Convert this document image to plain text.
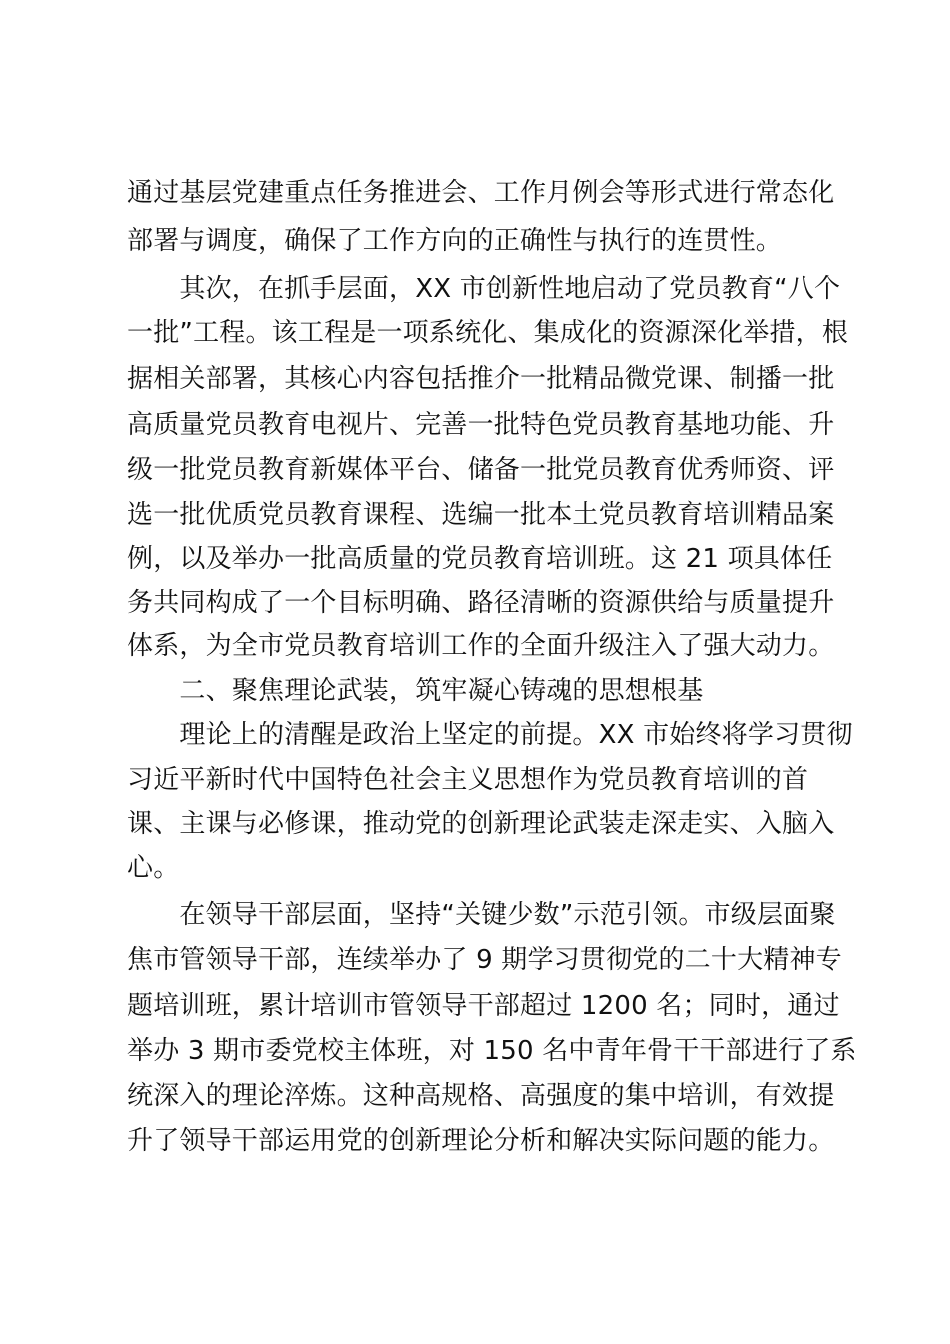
通过基层党建重点任务推进会、工作月例会等形式进行常态化
部署与调度，确保了工作方向的正确性与执行的连贯性。
　　其次，在抓手层面，XX 市创新性地启动了党员教育“八个
一批”工程。该工程是一项系统化、集成化的资源深化举措，根
据相关部署，其核心内容包括推介一批精品微党课、制播一批
高质量党员教育电视片、完善一批特色党员教育基地功能、升
级一批党员教育新媒体平台、储备一批党员教育优秀师资、评
选一批优质党员教育课程、选编一批本土党员教育培训精品案
例，以及举办一批高质量的党员教育培训班。这 21 项具体任
务共同构成了一个目标明确、路径清晰的资源供给与质量提升
体系，为全市党员教育培训工作的全面升级注入了强大动力。
　　二、聚焦理论武装，筑牢凝心铸魂的思想根基
　　理论上的清醒是政治上坚定的前提。XX 市始终将学习贯彻
习近平新时代中国特色社会主义思想作为党员教育培训的首
课、主课与必修课，推动党的创新理论武装走深走实、入脑入
心。
　　在领导干部层面，坚持“关键少数”示范引领。市级层面聚
焦市管领导干部，连续举办了 9 期学习贯彻党的二十大精神专
题培训班，累计培训市管领导干部超过 1200 名；同时，通过
举办 3 期市委党校主体班，对 150 名中青年骨干干部进行了系
统深入的理论淬炼。这种高规格、高强度的集中培训，有效提
升了领导干部运用党的创新理论分析和解决实际问题的能力。
